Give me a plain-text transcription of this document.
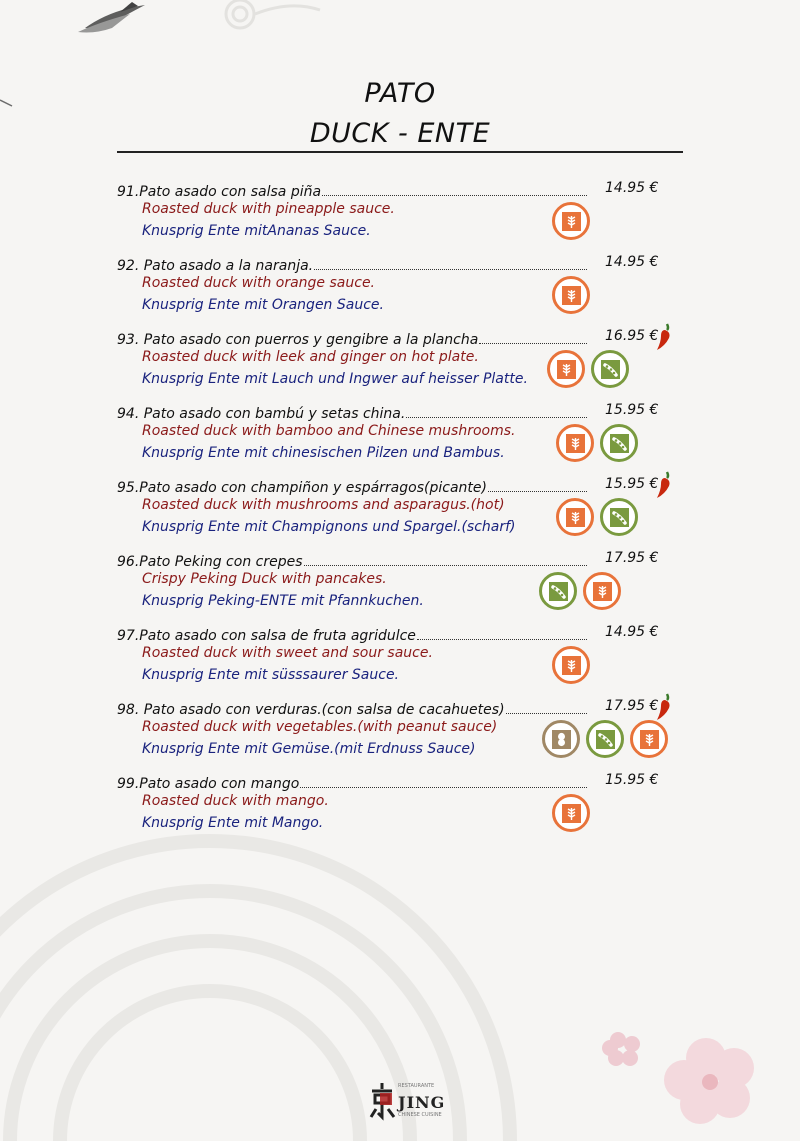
PATO
DUCK - ENTE
91.Pato asado con salsa piña	14.95 €
Roasted duck with pineapple sauce.
Knusprig Ente mitAnanas Sauce.
92. Pato asado a la naranja.	14.95 €
Roasted duck with orange sauce.
Knusprig Ente mit Orangen Sauce.
93. Pato asado con puerros y gengibre a la plancha	16.95 €
Roasted duck with leek and ginger on hot plate.
Knusprig Ente mit Lauch und Ingwer auf heisser Platte.
94. Pato asado con bambú y setas china.	15.95 €
Roasted duck with bamboo and Chinese mushrooms.
Knusprig Ente mit chinesischen Pilzen und Bambus.
95.Pato asado con champiñon y espárragos(picante)	15.95 €
Roasted duck with mushrooms and asparagus.(hot)
Knusprig Ente mit Champignons und Spargel.(scharf)
96.Pato Peking con crepes	17.95 €
Crispy Peking Duck with pancakes.
Knusprig Peking-ENTE mit Pfannkuchen.
97.Pato asado con salsa de fruta agridulce	14.95 €
Roasted duck with sweet and sour sauce.
Knusprig Ente mit süsssaurer Sauce.
98. Pato asado con verduras.(con salsa de cacahuetes)	17.95 €
Roasted duck with vegetables.(with peanut sauce)
Knusprig Ente mit Gemüse.(mit Erdnuss Sauce)
99.Pato asado con mango	15.95 €
Roasted duck with mango.
Knusprig Ente mit Mango.
RESTAURANTE
JING
CHINESE CUISINE
